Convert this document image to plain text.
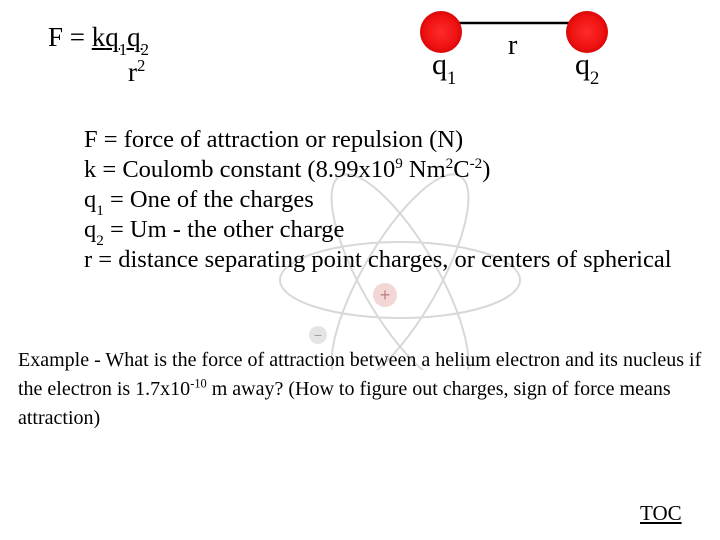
+
−
$F = kq_1q_2$
$r^2$	$q_1$
r
$q_2$
F = force of attraction or repulsion (N)
k = Coulomb constant ($8.99x10^9$ $Nm^2C^{-2}$)
$q_1$ = One of the charges
$q_2 = Um$ - the other charge
r = distance separating point charges, or centers of spherical
Example - What is the force of attraction between a helium electron and its nucleus if the electron is $1.7x10^{-10}$ m away? (How to figure out charges, sign of force means attraction)
TOC
